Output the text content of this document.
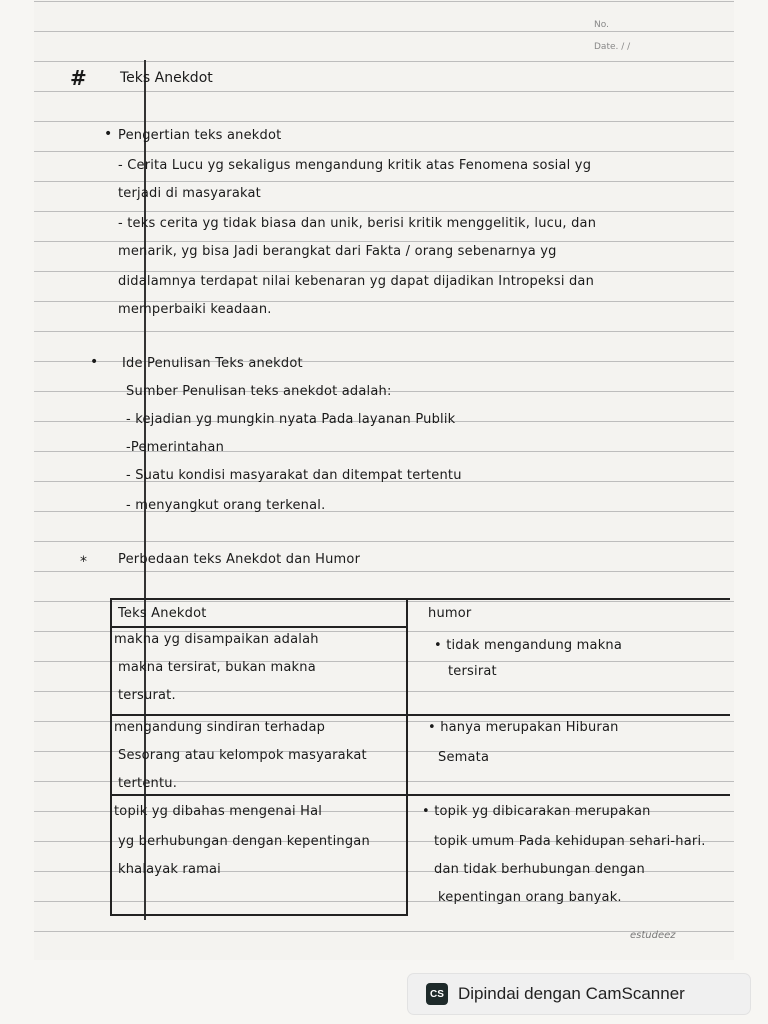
No.
Date. / /
# Teks Anekdot
• Pengertian teks anekdot
- Cerita Lucu yg sekaligus mengandung kritik atas Fenomena sosial yg
terjadi di masyarakat
- teks cerita yg tidak biasa dan unik, berisi kritik menggelitik, lucu, dan
menarik, yg bisa Jadi berangkat dari Fakta / orang sebenarnya yg
didalamnya terdapat nilai kebenaran yg dapat dijadikan Intropeksi dan
memperbaiki keadaan.
• Ide Penulisan Teks anekdot
Sumber Penulisan teks anekdot adalah:
- kejadian yg mungkin nyata Pada layanan Publik
-Pemerintahan
- Suatu kondisi masyarakat dan ditempat tertentu
- menyangkut orang terkenal.
* Perbedaan teks Anekdot dan Humor
Teks Anekdot	humor
makna yg disampaikan adalah
makna tersirat, bukan makna
tersurat.
• tidak mengandung makna
tersirat
mengandung sindiran terhadap
Sesorang atau kelompok masyarakat
tertentu.
• hanya merupakan Hiburan
Semata
topik yg dibahas mengenai Hal
yg berhubungan dengan kepentingan
khalayak ramai
• topik yg dibicarakan merupakan
topik umum Pada kehidupan sehari-hari.
dan tidak berhubungan dengan
kepentingan orang banyak.
estudeez
CS Dipindai dengan CamScanner
